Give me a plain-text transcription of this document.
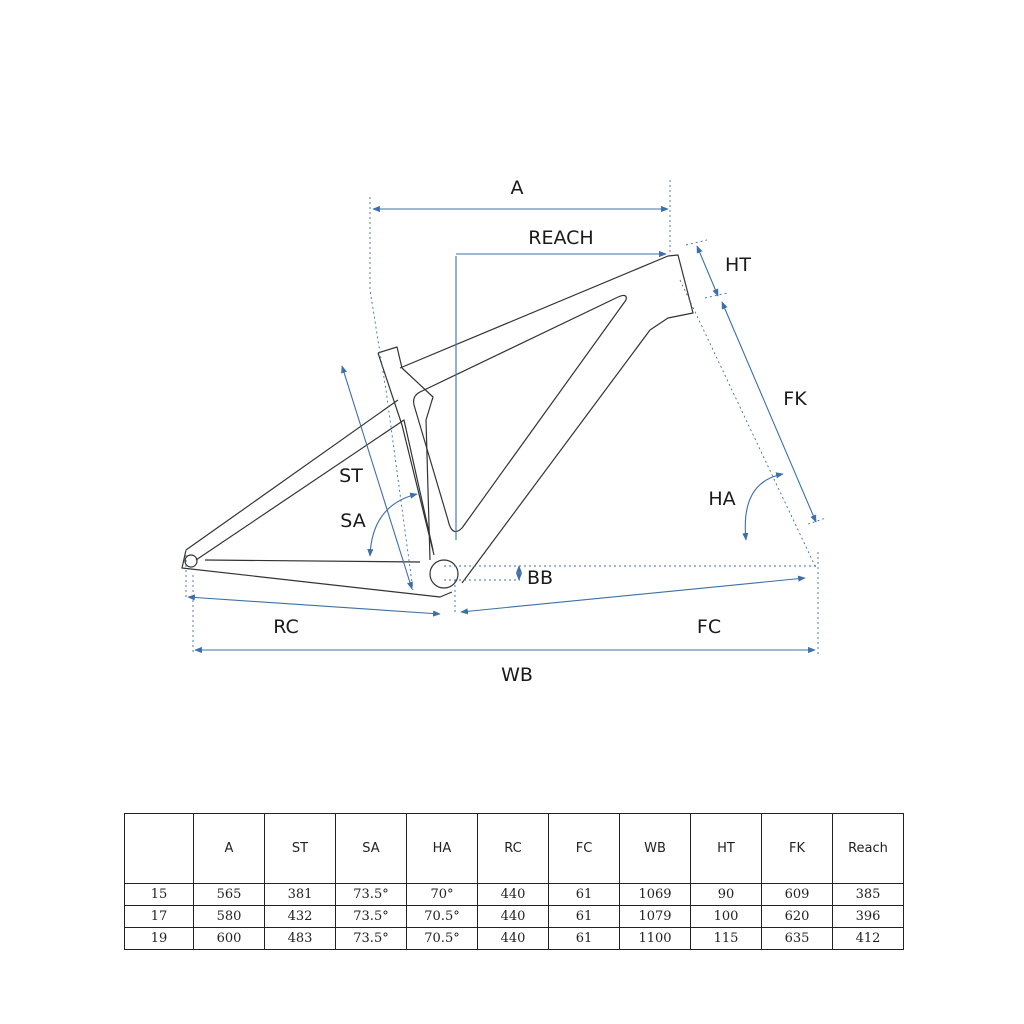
A
REACH
HT
FK
ST
SA
HA
BB
RC	FC
WB
	A	ST	SA	HA	RC	FC	WB	HT	FK	Reach
15	565	381	73.5°	70°	440	61	1069	90	609	385
17	580	432	73.5°	70.5°	440	61	1079	100	620	396
19	600	483	73.5°	70.5°	440	61	1100	115	635	412
